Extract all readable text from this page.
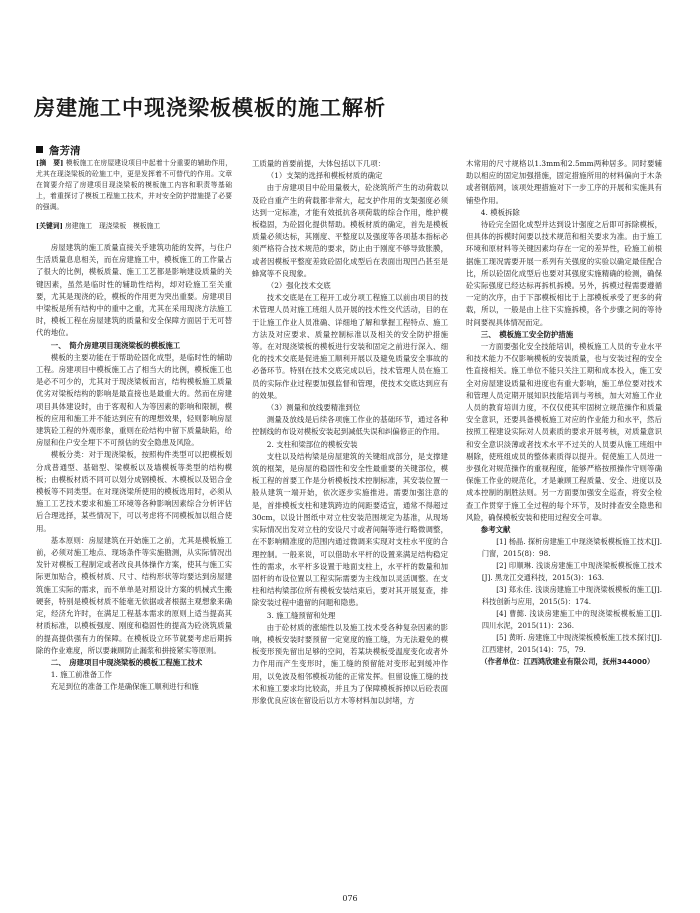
房建施工中现浇梁板模板的施工解析
詹芳清

[摘　要] 模板施工在房屋建设项目中起着十分重要的辅助作用，尤其在现浇梁板的砼施工中，更是发挥着不可替代的作用。文章在简要介绍了房建项目现浇梁板的模板施工内容和职责等基础上，着重探讨了模板工程施工技术，并对安全防护措施提了必要的强调。

[关键词] 房建施工　现浇梁板　模板施工

房屋建筑的施工质量直接关乎建筑功能的发挥，与住户生活质量息息相关，而在房建施工中，模板施工的工作量占了很大的比例，模板质量、施工工艺都是影响建设质量的关键因素，虽然是临时性的辅助性结构，却对砼施工至关重要，尤其是现浇的砼，模板的作用更为突出重要。房建项目中梁板是所有结构中的重中之重，尤其在采用现浇方法施工时，模板工程在房屋建筑的质量和安全保障方面居于无可替代的地位。

一、　简介房建项目现浇梁板的模板施工

模板的主要功能在于帮助砼固化成型，是临时性的辅助工程。房建项目中模板施工占了相当大的比例，模板施工也是必不可少的，尤其对于现浇梁板而言，结构模板施工质量优劣对梁板结构的影响是最直接也是最重大的。然而在房建项目具体建设时，由于客观和人为等因素的影响和限制，模板的应用和施工并不能达到应有的理想效果，轻则影响房屋建筑砼工程的外观形象，重则在砼结构中留下质量缺陷，给房屋和住户安全埋下不可预估的安全隐患及风险。

模板分类：对于现浇梁板，按照构件类型可以把模板划分成普通型、基础型、梁模板以及墙模板等类型的结构模板；由模板材质不同可以划分成钢模板、木模板以及铝合金模板等不同类型。在对现浇梁所使用的模板选用时，必须从施工工艺技术要求和施工环境等各种影响因素综合分析评估后合理选择，某些情况下，可以考虑将不同模板加以组合使用。

基本原则：房屋建筑在开始施工之前，尤其是模板施工前，必须对施工地点、现场条件等实施勘测，从实际情况出发针对模板工程制定或者改良具体操作方案，使其与施工实际更加贴合，模板材质、尺寸、结构形状等均要达到房屋建筑施工实际的需求，而不单单是对照设计方案的机械式生搬硬套，特别是模板材质不能毫无依据或者根据主观想象来确定，经济允许时，在满足工程基本需求的原则上适当提高其材质标准，以模板强度、刚度和稳固性的提高为砼浇筑质量的提高提供强有力的保障。在模板设立环节就要考虑后期拆除的作业难度，所以要兼顾防止漏浆和拼接紧实等原则。

二、　房建项目中现浇梁板的模板工程施工技术

1. 施工前准备工作

充足到位的准备工作是确保施工顺利进行和施

工质量的首要前提，大体包括以下几项：

（1）支架的选择和模板材质的确定

由于房建项目中砼用量极大，砼浇筑所产生的动荷载以及砼自重产生的荷载都非常大，起支护作用的支架强度必须达到一定标准，才能有效抵抗各项荷载的综合作用，维护模板稳固，为砼固化提供帮助。模板材质的确定，首先是模板质量必须达标，其刚度、平整度以及强度等各项基本指标必须严格符合技术规范的要求，防止由于刚度不够导致胀膜，或者因模板平整度差致砼固化成型后在表面出现凹凸甚至是蜂窝等不良现象。

（2）强化技术交底

技术交底是在工程开工或分项工程施工以前由项目的技术管理人员对施工班组人员开展的技术性交代活动，目的在于让施工作业人员准确、详细地了解和掌握工程特点、施工方法及对应要求、质量控制标准以及相关的安全防护措施等。在对现浇梁板的模板进行安装和固定之前进行深入、细化的技术交底是促进施工顺利开展以及避免质量安全事故的必备环节。特别在技术交底完成以后，技术管理人员在施工员的实际作业过程要加强监督和管理，使技术交底达到应有的效果。

（3）测量和放线要精准到位

测量及放线是后续各项施工作业的基础环节，通过各种控制线的布设对模板安装起到减低失误和纠偏修正的作用。

2. 支柱和梁部位的模板安装

支柱以及结构梁是房屋建筑的关键组成部分，是支撑建筑的框架，是房屋的稳固性和安全性最重要的关键部位，模板工程的首要工作是分析模板技术控制标准，其安装位置一般从建筑一端开始，依次逐步实施推进。需要加强注意的是，首排模板支柱和建筑跨边的间距要适宜，通常不得超过30cm，以设计图纸中对立柱安装范围规定为基准，从现场实际情况出发对立柱的安设尺寸或者间隔等进行略微调整，在不影响精准度的范围内通过微调来实现对支柱水平度的合理控制。一般来说，可以借助水平杆的设置来满足结构稳定性的需求，水平杆多设置于地面支柱上，水平杆的数量和加固杆的布设位置以工程实际需要为主线加以灵活调整。在支柱和结构梁部位所有模板安装结束后，要对其开展复查，排除安装过程中遗留的问题和隐患。

3. 施工缝预留和处理

由于砼材质的涨缩性以及施工技术受各种复杂因素的影响，模板安装时要预留一定宽度的施工缝，为无法避免的模板变形预先留出足够的空间，若某块模板受温度变化或者外力作用而产生变形时，施工缝的预留能对变形起到缓冲作用，以免波及相邻模板功能的正常发挥。但留设施工缝的技术和施工要求均比较高，并且为了保障模板拆掉以后砼表面形象优良应该在留设后以方木等材料加以封堵，方

木常用的尺寸规格以1.3mm和2.5mm两种居多。同时要辅助以相应的固定加强措施，固定措施所用的材料偏向于木条或者钢筋网，该项处理措施对下一步工序的开展和实施具有铺垫作用。

4. 模板拆除

待砼完全固化成型并达到设计强度之后即可拆除模板，但具体的拆模时间要以技术规范和相关要求为准。由于施工环境和原材料等关键因素均存在一定的差异性，砼施工前根据施工现况需要开展一系列有关强度的实验以确定最佳配合比，所以砼固化成型后也要对其强度实施精确的检测，确保砼实际强度已经达标再拆机拆模。另外，拆模过程需要遵循一定的次序，由于下部模板相比于上部模板承受了更多的荷载，所以，一般是由上往下实施拆模，各个步骤之间的等待时间要视具体情况而定。

三、　模板施工安全防护措施

一方面要强化安全技能培训，模板施工人员的专业水平和技术能力不仅影响模板的安装质量，也与安装过程的安全性直接相关。施工单位不能只关注工期和成本投入，施工安全对房屋建设质量和进度也有重大影响，施工单位要对技术和管理人员定期开展知识技能培训与考核，加大对施工作业人员的教育培训力度，不仅仅使其牢固树立规范操作和质量安全意识，还要具备模板施工对应的作业能力和水平，然后按照工程建设实际对人员素质的要求开展考核，对质量意识和安全意识淡薄或者技术水平不过关的人员要从施工班组中剔除，使班组成员的整体素质得以提升。促使施工人员进一步强化对规范操作的重视程度，能够严格按照操作守则等确保施工作业的规范化，才是兼顾工程质量、安全、进度以及成本控制的制胜法则。另一方面要加强安全巡查，将安全检查工作贯穿于施工全过程的每个环节，及时排查安全隐患和风险，确保模板安装和使用过程安全可靠。

参考文献

[1] 杨晶. 探析房建施工中现浇梁板模板施工技术[J]. 门窗，2015(8)：98.

[2] 印顺琳. 浅谈房建施工中现浇梁板模板施工技术[J]. 黑龙江交通科技，2015(3)：163.

[3] 郑永佳. 浅谈房建施工中现浇梁板模板的施工[J]. 科技创新与应用，2015(5)：174.

[4] 曹懿. 浅谈房建施工中的现浇梁板模板施工[J]. 四川水泥，2015(11)：236.

[5] 黄昕. 房建施工中现浇梁板模板施工技术探讨[J]. 江西建材，2015(14)：75，79.

（作者单位：江西鸿欣建业有限公司，抚州344000）

076
